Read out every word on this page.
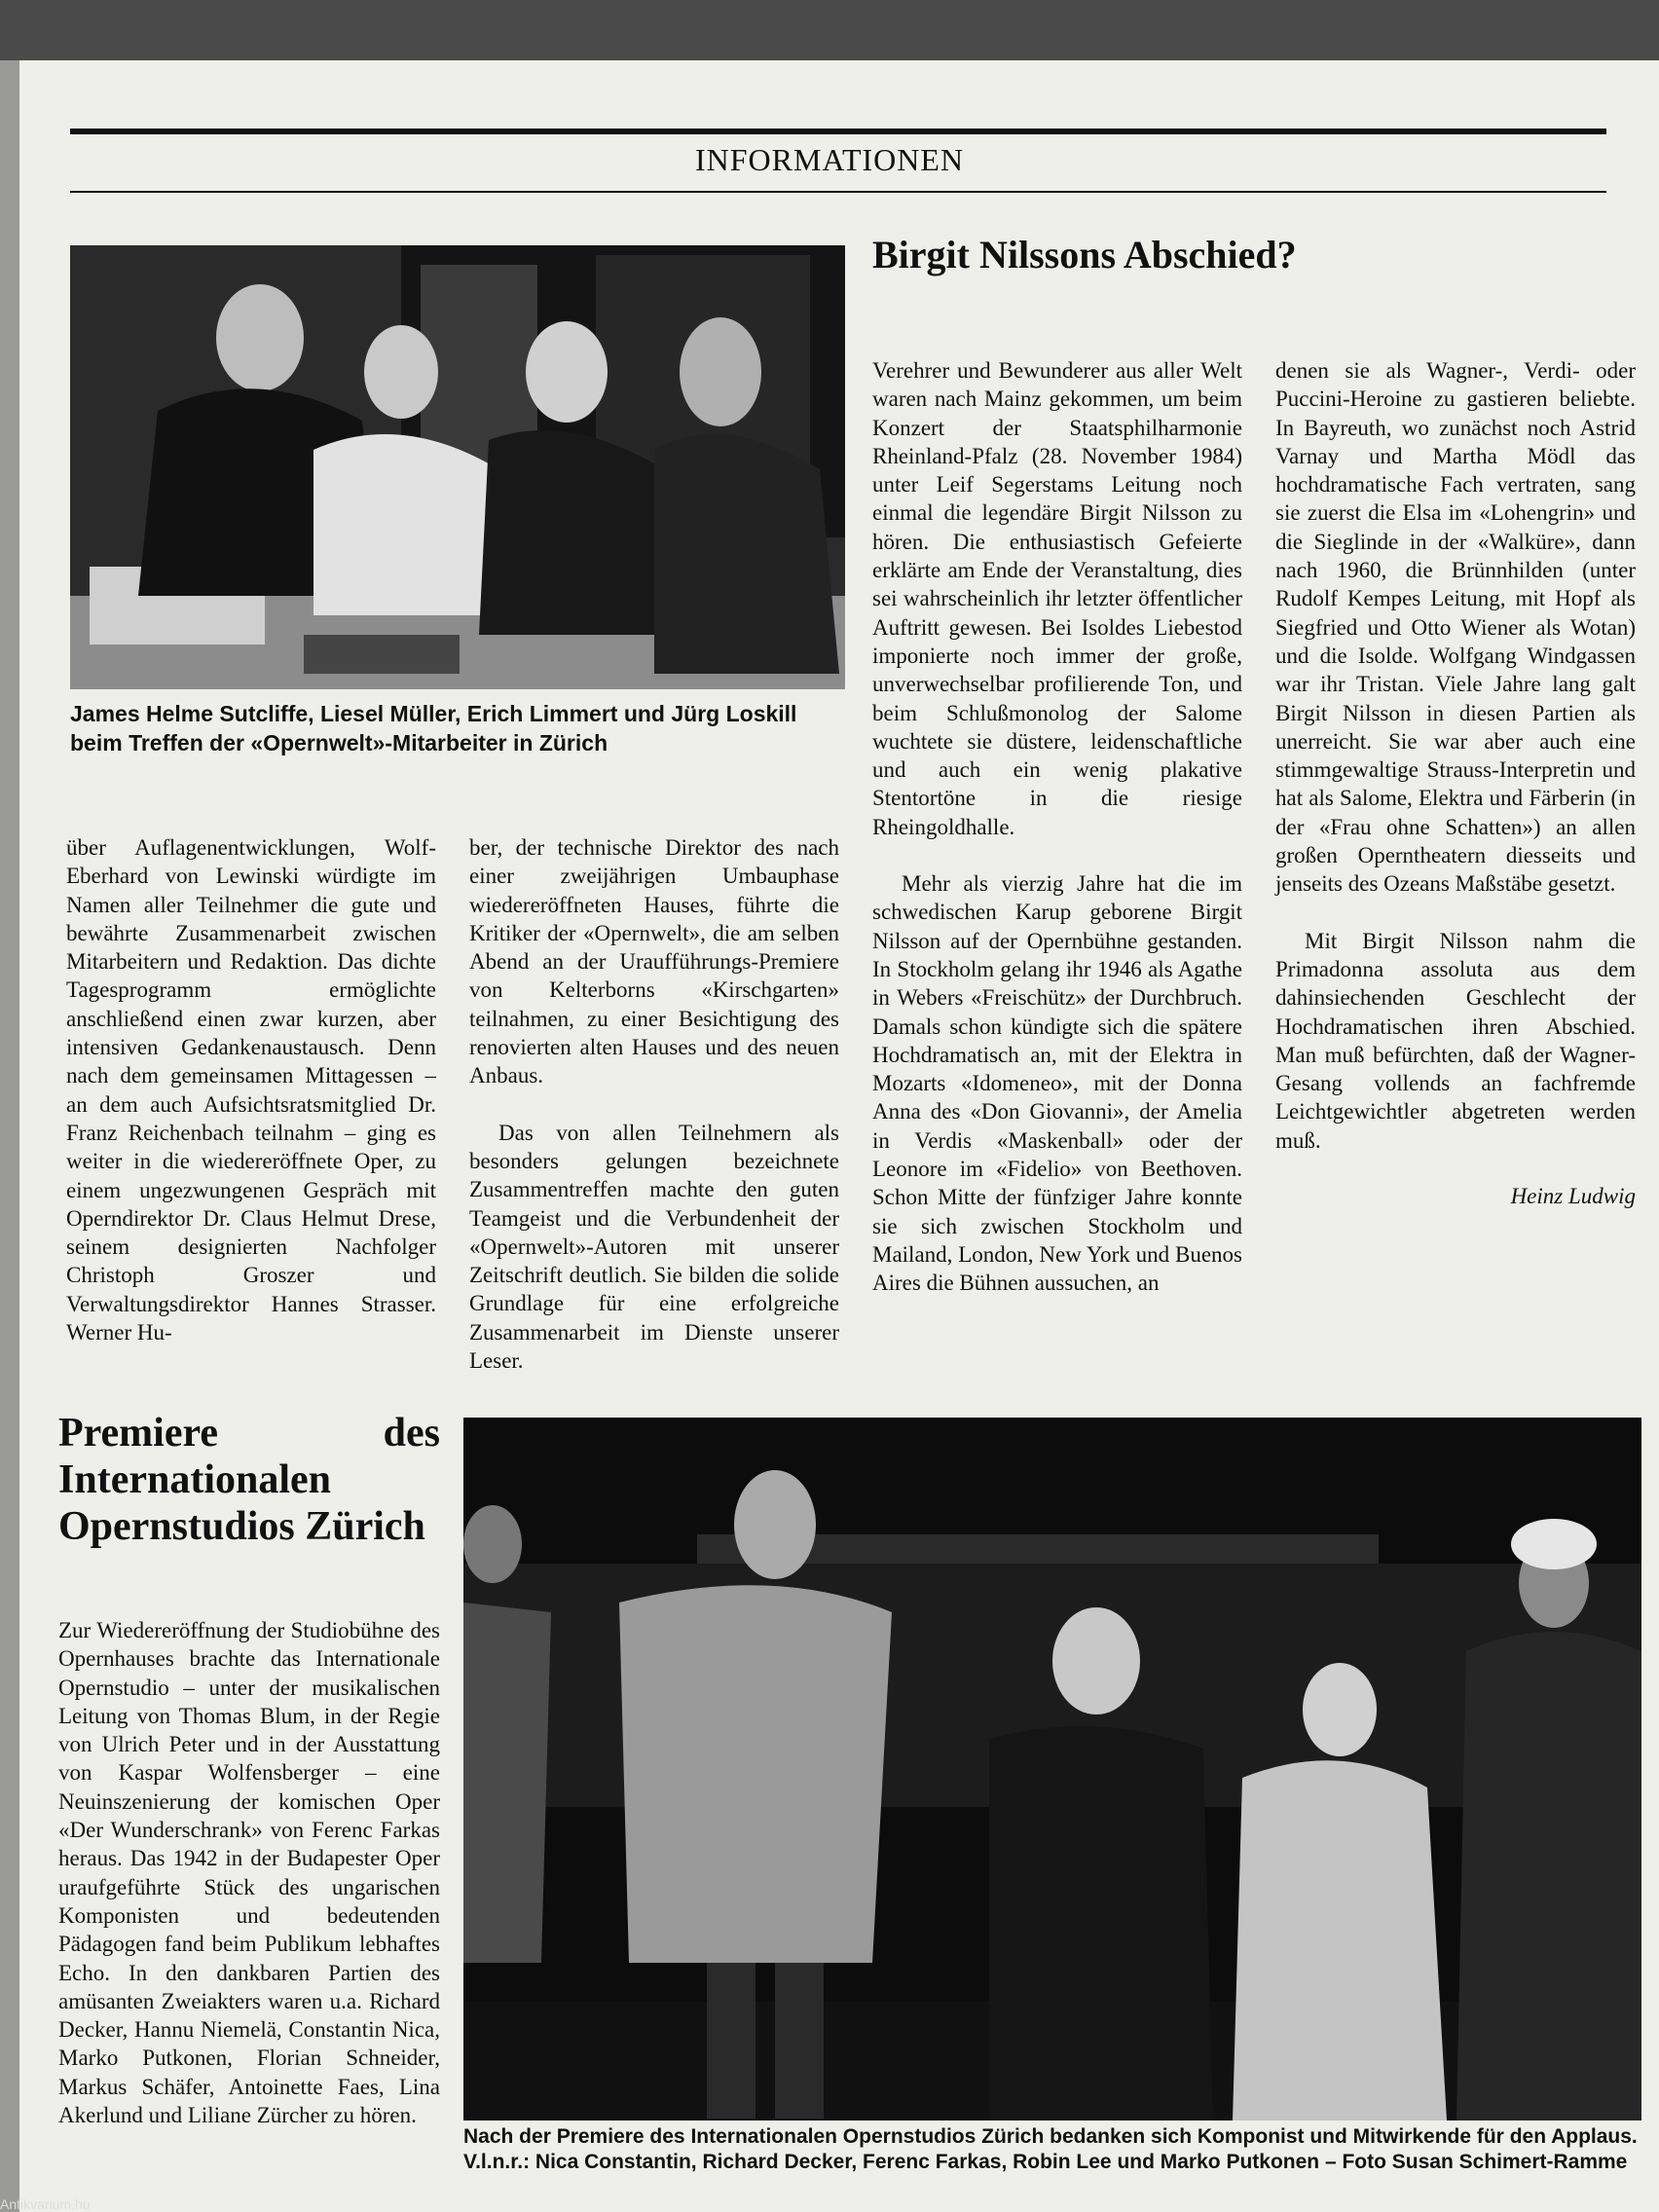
INFORMATIONEN
James Helme Sutcliffe, Liesel Müller, Erich Limmert und Jürg Loskill beim Treffen der «Opernwelt»-Mitarbeiter in Zürich

über Auflagenentwicklungen, Wolf-Eberhard von Lewinski würdigte im Namen aller Teilnehmer die gute und bewährte Zusammenarbeit zwischen Mitarbeitern und Redaktion. Das dichte Tagesprogramm ermöglichte anschließend einen zwar kurzen, aber intensiven Gedankenaustausch. Denn nach dem gemeinsamen Mittagessen – an dem auch Aufsichtsratsmitglied Dr. Franz Reichenbach teilnahm – ging es weiter in die wiedereröffnete Oper, zu einem ungezwungenen Gespräch mit Operndirektor Dr. Claus Helmut Drese, seinem designierten Nachfolger Christoph Groszer und Verwaltungsdirektor Hannes Strasser. Werner Hu-

ber, der technische Direktor des nach einer zweijährigen Umbauphase wiedereröffneten Hauses, führte die Kritiker der «Opernwelt», die am selben Abend an der Uraufführungs-Premiere von Kelterborns «Kirschgarten» teilnahmen, zu einer Besichtigung des renovierten alten Hauses und des neuen Anbaus.

Das von allen Teilnehmern als besonders gelungen bezeichnete Zusammentreffen machte den guten Teamgeist und die Verbundenheit der «Opernwelt»-Autoren mit unserer Zeitschrift deutlich. Sie bilden die solide Grundlage für eine erfolgreiche Zusammenarbeit im Dienste unserer Leser.

Birgit Nilssons Abschied?

Verehrer und Bewunderer aus aller Welt waren nach Mainz gekommen, um beim Konzert der Staatsphilharmonie Rheinland-Pfalz (28. November 1984) unter Leif Segerstams Leitung noch einmal die legendäre Birgit Nilsson zu hören. Die enthusiastisch Gefeierte erklärte am Ende der Veranstaltung, dies sei wahrscheinlich ihr letzter öffentlicher Auftritt gewesen. Bei Isoldes Liebestod imponierte noch immer der große, unverwechselbar profilierende Ton, und beim Schlußmonolog der Salome wuchtete sie düstere, leidenschaftliche und auch ein wenig plakative Stentortöne in die riesige Rheingoldhalle.

Mehr als vierzig Jahre hat die im schwedischen Karup geborene Birgit Nilsson auf der Opernbühne gestanden. In Stockholm gelang ihr 1946 als Agathe in Webers «Freischütz» der Durchbruch. Damals schon kündigte sich die spätere Hochdramatisch an, mit der Elektra in Mozarts «Idomeneo», mit der Donna Anna des «Don Giovanni», der Amelia in Verdis «Maskenball» oder der Leonore im «Fidelio» von Beethoven. Schon Mitte der fünfziger Jahre konnte sie sich zwischen Stockholm und Mailand, London, New York und Buenos Aires die Bühnen aussuchen, an

denen sie als Wagner-, Verdi- oder Puccini-Heroine zu gastieren beliebte. In Bayreuth, wo zunächst noch Astrid Varnay und Martha Mödl das hochdramatische Fach vertraten, sang sie zuerst die Elsa im «Lohengrin» und die Sieglinde in der «Walküre», dann nach 1960, die Brünnhilden (unter Rudolf Kempes Leitung, mit Hopf als Siegfried und Otto Wiener als Wotan) und die Isolde. Wolfgang Windgassen war ihr Tristan. Viele Jahre lang galt Birgit Nilsson in diesen Partien als unerreicht. Sie war aber auch eine stimmgewaltige Strauss-Interpretin und hat als Salome, Elektra und Färberin (in der «Frau ohne Schatten») an allen großen Operntheatern diesseits und jenseits des Ozeans Maßstäbe gesetzt.

Mit Birgit Nilsson nahm die Primadonna assoluta aus dem dahinsiechenden Geschlecht der Hochdramatischen ihren Abschied. Man muß befürchten, daß der Wagner-Gesang vollends an fachfremde Leichtgewichtler abgetreten werden muß.

Heinz Ludwig
Premiere des Internationalen Opernstudios Zürich

Zur Wiedereröffnung der Studiobühne des Opernhauses brachte das Internationale Opernstudio – unter der musikalischen Leitung von Thomas Blum, in der Regie von Ulrich Peter und in der Ausstattung von Kaspar Wolfensberger – eine Neuinszenierung der komischen Oper «Der Wunderschrank» von Ferenc Farkas heraus. Das 1942 in der Budapester Oper uraufgeführte Stück des ungarischen Komponisten und bedeutenden Pädagogen fand beim Publikum lebhaftes Echo. In den dankbaren Partien des amüsanten Zweiakters waren u.a. Richard Decker, Hannu Niemelä, Constantin Nica, Marko Putkonen, Florian Schneider, Markus Schäfer, Antoinette Faes, Lina Akerlund und Liliane Zürcher zu hören.

Nach der Premiere des Internationalen Opernstudios Zürich bedanken sich Komponist und Mitwirkende für den Applaus. V.l.n.r.: Nica Constantin, Richard Decker, Ferenc Farkas, Robin Lee und Marko Putkonen – Foto Susan Schimert-Ramme
Antikvarium.hu
